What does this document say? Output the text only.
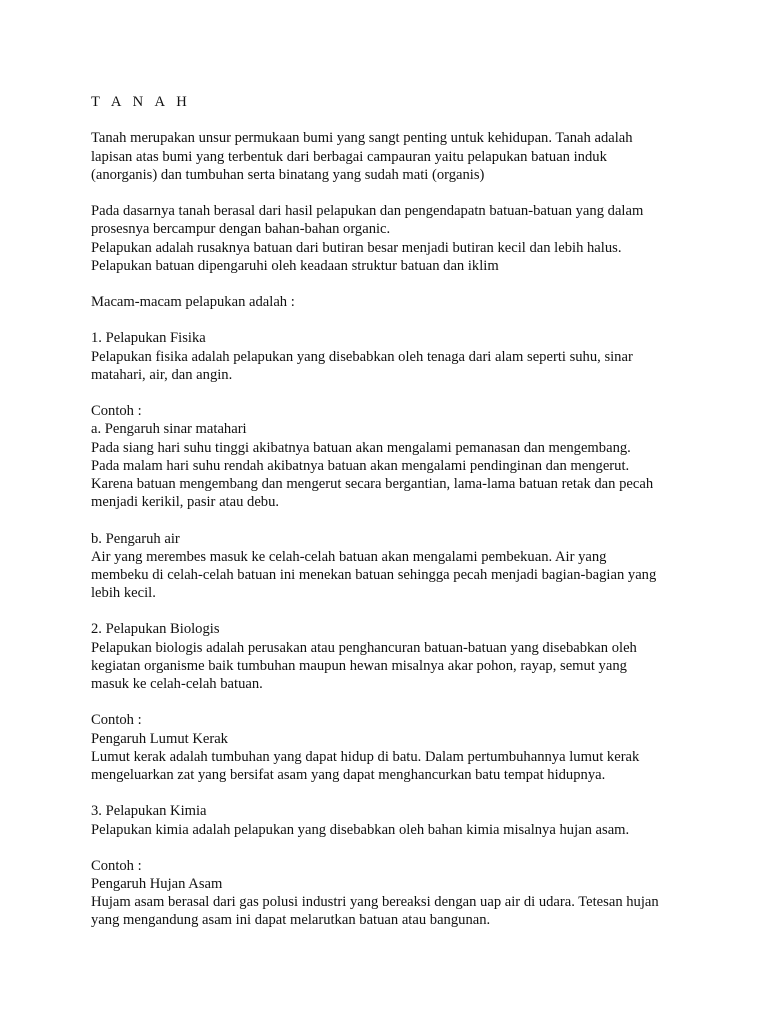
T A N A H
Tanah merupakan unsur permukaan bumi yang sangt penting untuk kehidupan. Tanah adalah
lapisan atas bumi yang terbentuk dari berbagai campauran yaitu pelapukan batuan induk
(anorganis) dan tumbuhan serta binatang yang sudah mati (organis)
Pada dasarnya tanah berasal dari hasil pelapukan dan pengendapatn batuan-batuan yang dalam
prosesnya bercampur dengan bahan-bahan organic.
Pelapukan adalah rusaknya batuan dari butiran besar menjadi butiran kecil dan lebih halus.
Pelapukan batuan dipengaruhi oleh keadaan struktur batuan dan iklim
Macam-macam pelapukan adalah :
1. Pelapukan Fisika
Pelapukan fisika adalah pelapukan yang disebabkan oleh tenaga dari alam seperti suhu, sinar
matahari, air, dan angin.
Contoh :
a. Pengaruh sinar matahari
Pada siang hari suhu tinggi akibatnya batuan akan mengalami pemanasan dan mengembang.
Pada malam hari suhu rendah akibatnya batuan akan mengalami pendinginan dan mengerut.
Karena batuan mengembang dan mengerut secara bergantian, lama-lama batuan retak dan pecah
menjadi kerikil, pasir atau debu.
b. Pengaruh air
Air yang merembes masuk ke celah-celah batuan akan mengalami pembekuan. Air yang
membeku di celah-celah batuan ini menekan batuan sehingga pecah menjadi bagian-bagian yang
lebih kecil.
2. Pelapukan Biologis
Pelapukan biologis adalah perusakan atau penghancuran batuan-batuan yang disebabkan oleh
kegiatan organisme baik tumbuhan maupun hewan misalnya akar pohon, rayap, semut yang
masuk ke celah-celah batuan.
Contoh :
Pengaruh Lumut Kerak
Lumut kerak adalah tumbuhan yang dapat hidup di batu. Dalam pertumbuhannya lumut kerak
mengeluarkan zat yang bersifat asam yang dapat menghancurkan batu tempat hidupnya.
3. Pelapukan Kimia
Pelapukan kimia adalah pelapukan yang disebabkan oleh bahan kimia misalnya hujan asam.
Contoh :
Pengaruh Hujan Asam
Hujam asam berasal dari gas polusi industri yang bereaksi dengan uap air di udara. Tetesan hujan
yang mengandung asam ini dapat melarutkan batuan atau bangunan.
